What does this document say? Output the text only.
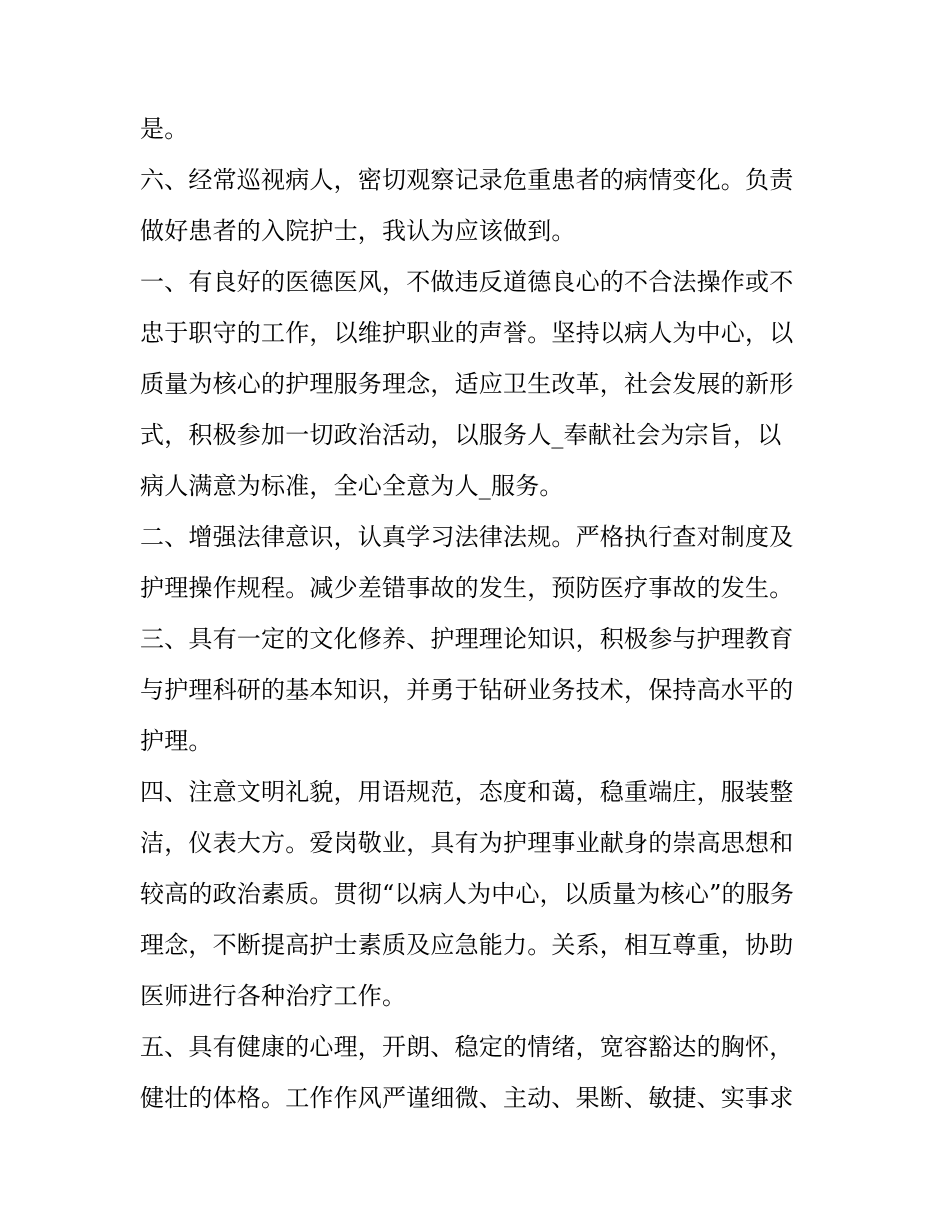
是。
六、经常巡视病人，密切观察记录危重患者的病情变化。负责
做好患者的入院护士，我认为应该做到。
一、有良好的医德医风，不做违反道德良心的不合法操作或不
忠于职守的工作，以维护职业的声誉。坚持以病人为中心，以
质量为核心的护理服务理念，适应卫生改革，社会发展的新形
式，积极参加一切政治活动，以服务人_奉献社会为宗旨，以
病人满意为标准，全心全意为人_服务。
二、增强法律意识，认真学习法律法规。严格执行查对制度及
护理操作规程。减少差错事故的发生，预防医疗事故的发生。
三、具有一定的文化修养、护理理论知识，积极参与护理教育
与护理科研的基本知识，并勇于钻研业务技术，保持高水平的
护理。
四、注意文明礼貌，用语规范，态度和蔼，稳重端庄，服装整
洁，仪表大方。爱岗敬业，具有为护理事业献身的崇高思想和
较高的政治素质。贯彻“以病人为中心，以质量为核心”的服务
理念，不断提高护士素质及应急能力。关系，相互尊重，协助
医师进行各种治疗工作。
五、具有健康的心理，开朗、稳定的情绪，宽容豁达的胸怀，
健壮的体格。工作作风严谨细微、主动、果断、敏捷、实事求
